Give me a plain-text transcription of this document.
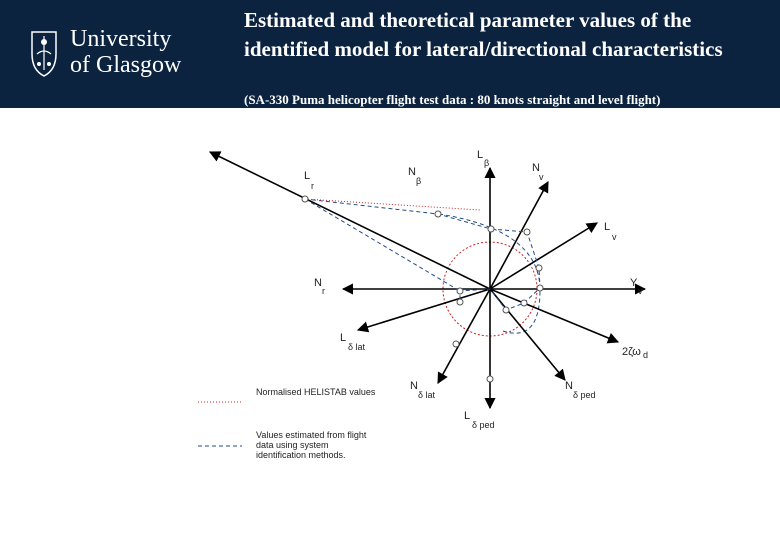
University
of Glasgow
Estimated and theoretical parameter values of the identified model for lateral/directional characteristics
(SA-330 Puma helicopter flight test data : 80 knots straight and level flight)
L
β
N
β
L
r
N
v
L
v
N
r
Y
v
L
δ lat	2ζω d
N
δ lat
N
δ ped
L
δ ped
Normalised HELISTAB values
Values estimated from flight data using system identification methods.
